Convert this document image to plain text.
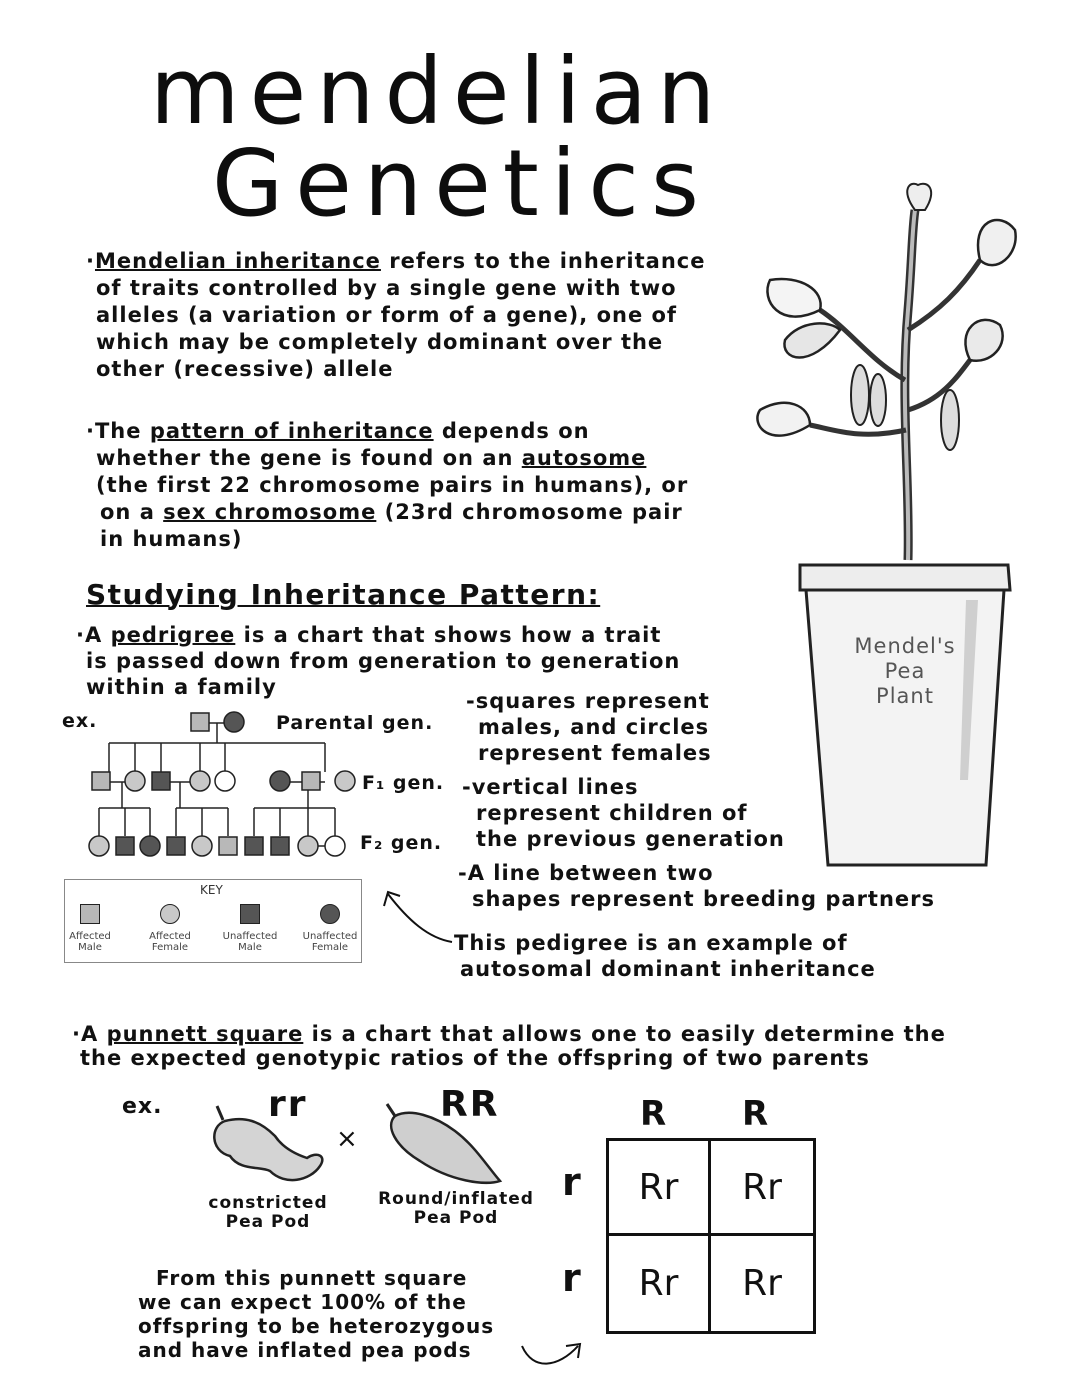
mendelian
Genetics

·Mendelian inheritance refers to the inheritance

of traits controlled by a single gene with two

alleles (a variation or form of a gene), one of

which may be completely dominant over the

other (recessive) allele

·The pattern of inheritance depends on

whether the gene is found on an autosome

(the first 22 chromosome pairs in humans), or

on a sex chromosome (23rd chromosome pair

in humans)

Studying Inheritance Pattern:

·A pedrigree is a chart that shows how a trait

is passed down from generation to generation

within a family

ex.	Parental gen.
F₁ gen.
F₂ gen.

-squares represent

males, and circles

represent females

-vertical lines

represent children of

the previous generation

-A line between two

shapes represent breeding partners

This pedigree is an example of

autosomal dominant inheritance

KEY
Affected
Male
Affected
Female
Unaffected
Male
Unaffected
Female
Mendel's
Pea
Plant

·A punnett square is a chart that allows one to easily determine the

the expected genotypic ratios of the offspring of two parents

ex.	rr
×
RR
constricted
Pea Pod
Round/inflated
Pea Pod
R R
r
r
Rr	Rr
Rr	Rr

From this punnett square

we can expect 100% of the

offspring to be heterozygous

and have inflated pea pods
